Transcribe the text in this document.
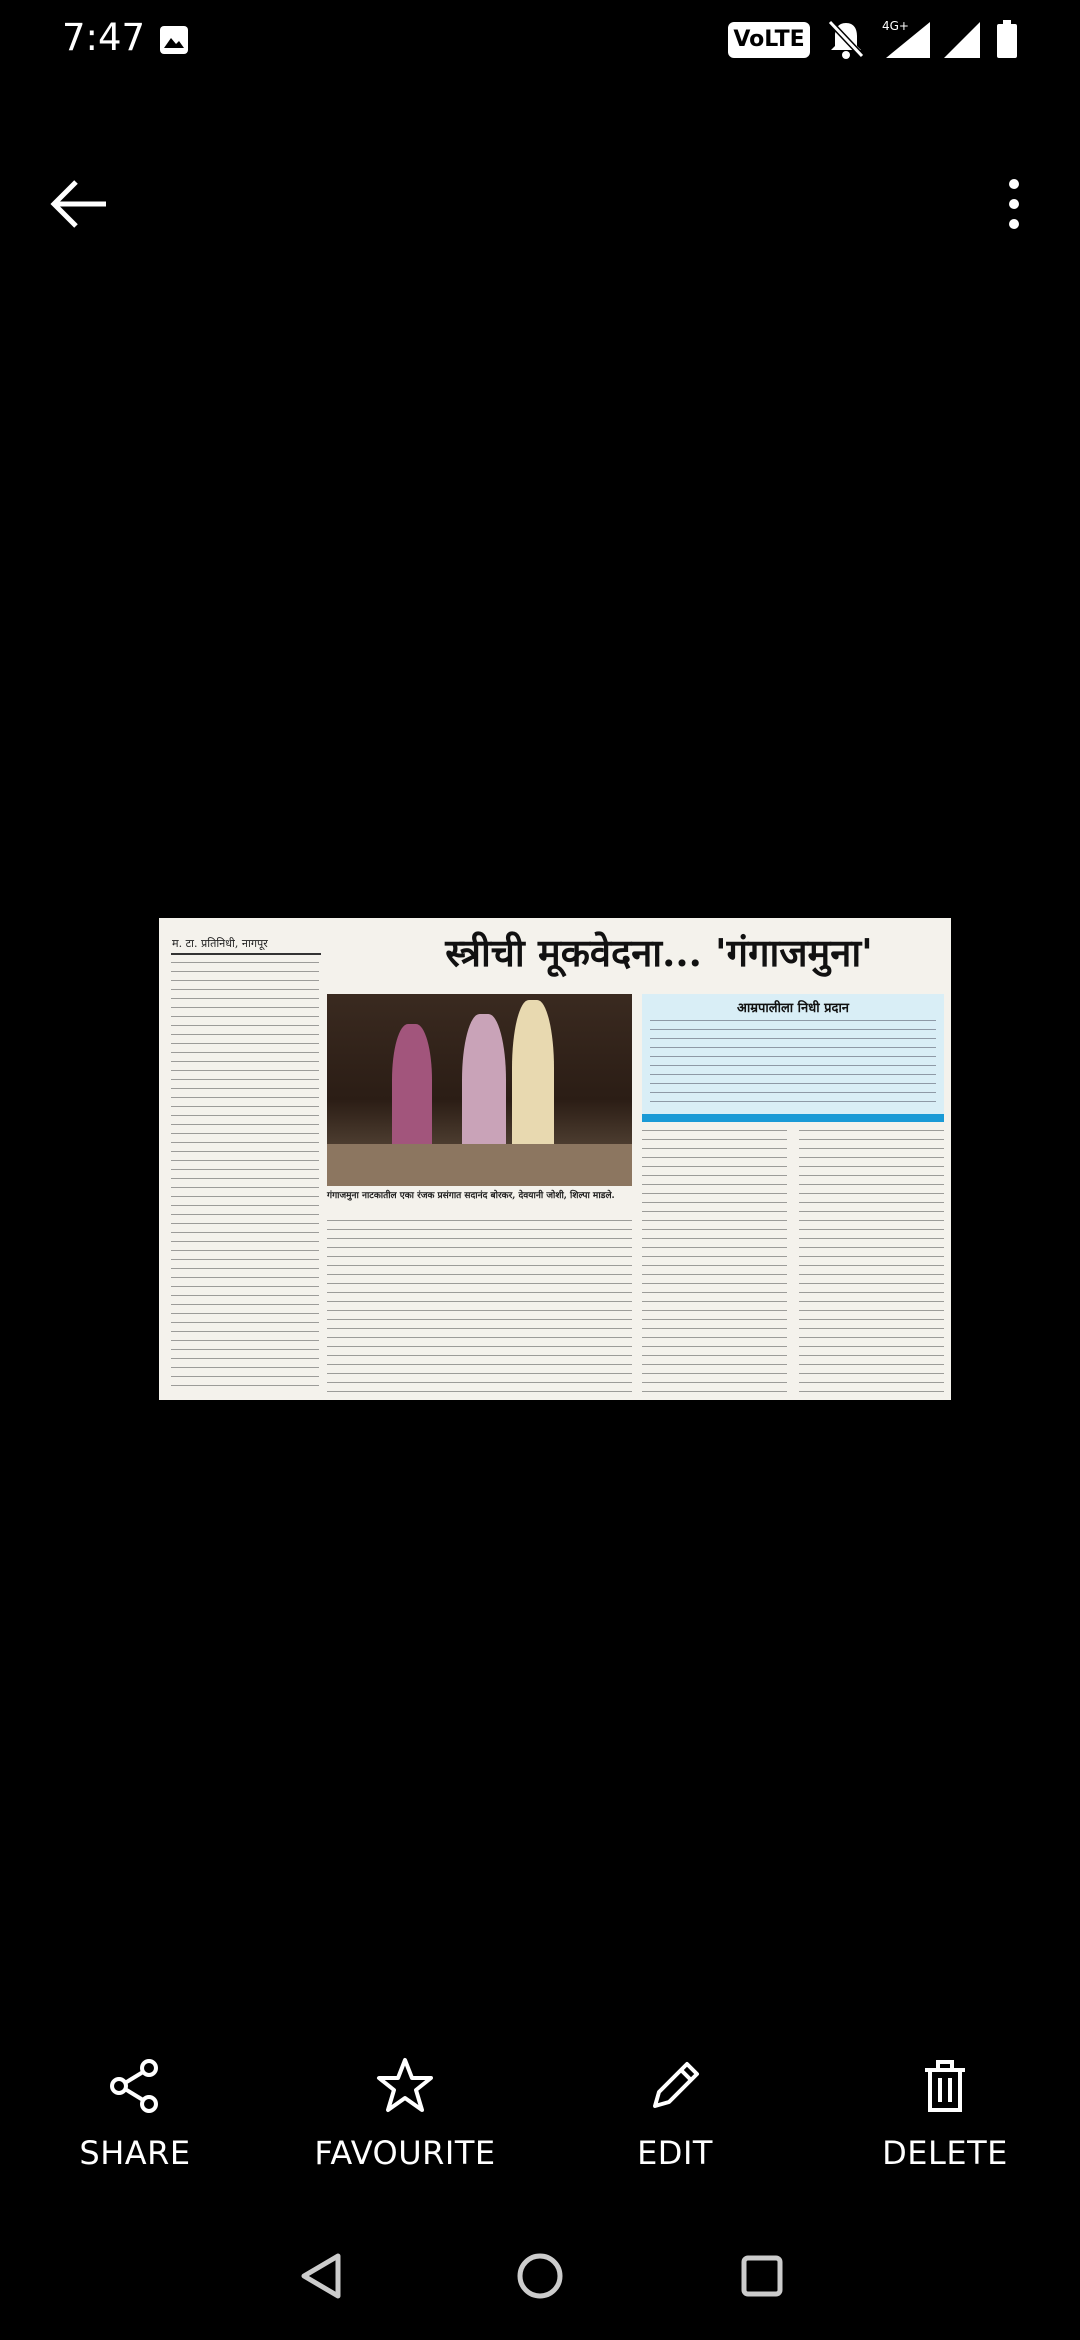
7:47	VoLTE 1
4G+
म. टा. प्रतिनिधी, नागपूर	स्त्रीची मूकवेदना... 'गंगाजमुना'
गंगाजमुना नाटकातील एका रंजक प्रसंगात सदानंद बोरकर, देवयानी जोशी, शिल्पा माडले.
आम्रपालीला निधी प्रदान
SHARE	FAVOURITE	EDIT	DELETE
